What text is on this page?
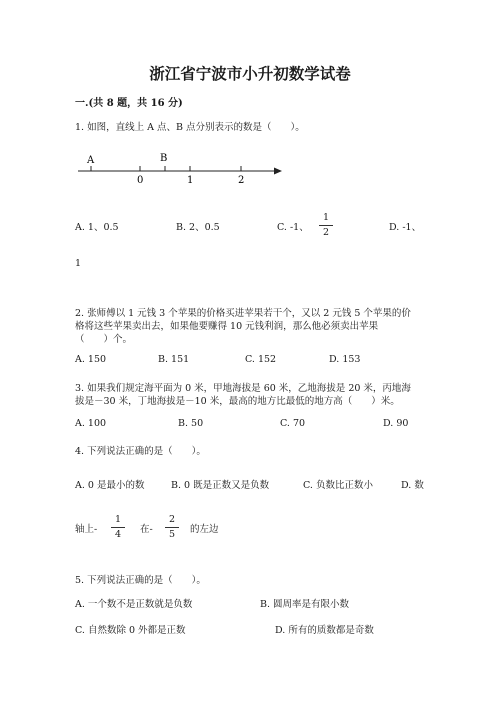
浙江省宁波市小升初数学试卷
一.(共 8 题，共 16 分)
1. 如图，直线上 A 点、B 点分别表示的数是（　　）。
A	B
0	1	2
A. 1、0.5	B. 2、0.5	C. -1、
1
2	D. -1、
1
2. 张师傅以 1 元钱 3 个苹果的价格买进苹果若干个，又以 2 元钱 5 个苹果的价
格将这些苹果卖出去，如果他要赚得 10 元钱利润，那么他必须卖出苹果
（　　）个。
A. 150	B. 151	C. 152	D. 153
3. 如果我们规定海平面为 0 米，甲地海拔是 60 米，乙地海拔是 20 米，丙地海
拔是－30 米，丁地海拔是－10 米，最高的地方比最低的地方高（　　）米。
A. 100	B. 50	C. 70	D. 90
4. 下列说法正确的是（　　）。
A. 0 是最小的数	B. 0 既是正数又是负数	C. 负数比正数小	D. 数
轴上-
1
4	在-
2
5	的左边
5. 下列说法正确的是（　　）。
A. 一个数不是正数就是负数	B. 圆周率是有限小数
C. 自然数除 0 外都是正数	D. 所有的质数都是奇数
